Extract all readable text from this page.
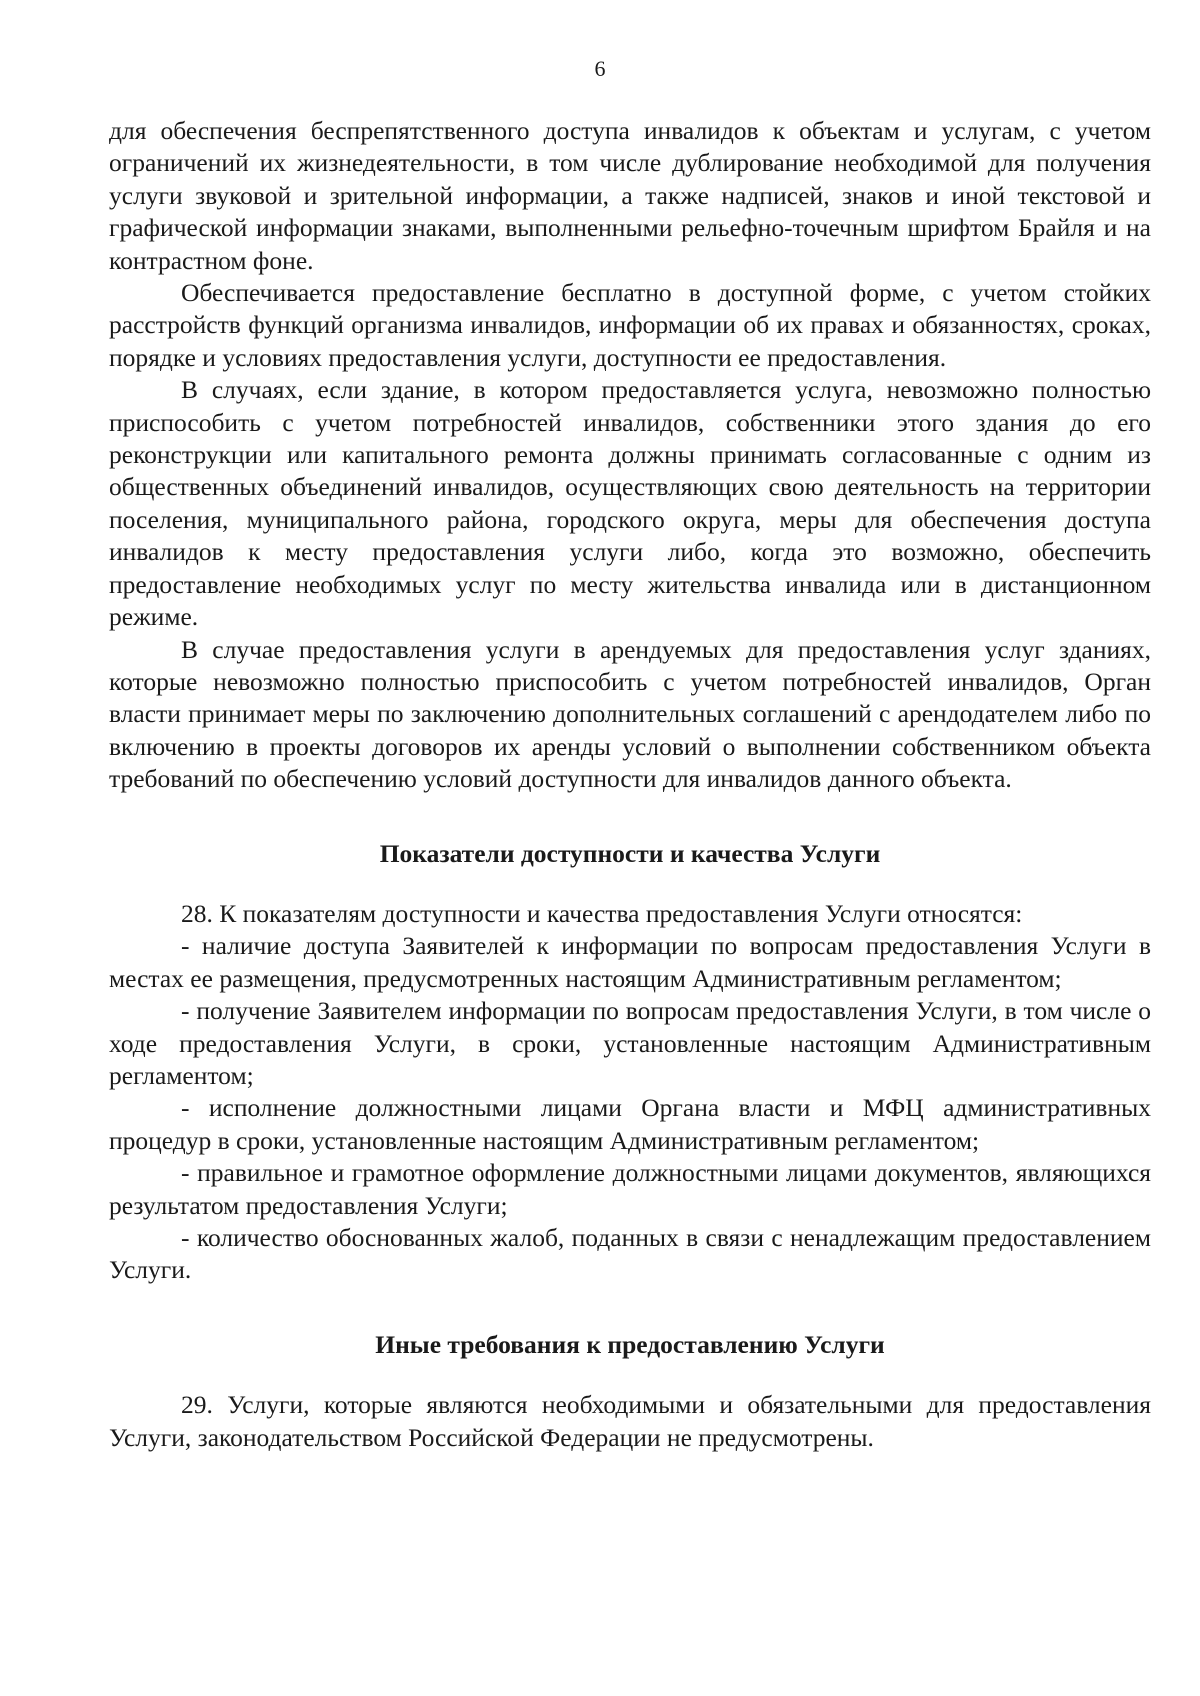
6

для обеспечения беспрепятственного доступа инвалидов к объектам и услугам, с учетом ограничений их жизнедеятельности, в том числе дублирование необходимой для получения услуги звуковой и зрительной информации, а также надписей, знаков и иной текстовой и графической информации знаками, выполненными рельефно-точечным шрифтом Брайля и на контрастном фоне.

Обеспечивается предоставление бесплатно в доступной форме, с учетом стойких расстройств функций организма инвалидов, информации об их правах и обязанностях, сроках, порядке и условиях предоставления услуги, доступности ее предоставления.

В случаях, если здание, в котором предоставляется услуга, невозможно полностью приспособить с учетом потребностей инвалидов, собственники этого здания до его реконструкции или капитального ремонта должны принимать согласованные с одним из общественных объединений инвалидов, осуществляющих свою деятельность на территории поселения, муниципального района, городского округа, меры для обеспечения доступа инвалидов к месту предоставления услуги либо, когда это возможно, обеспечить предоставление необходимых услуг по месту жительства инвалида или в дистанционном режиме.

В случае предоставления услуги в арендуемых для предоставления услуг зданиях, которые невозможно полностью приспособить с учетом потребностей инвалидов, Орган власти принимает меры по заключению дополнительных соглашений с арендодателем либо по включению в проекты договоров их аренды условий о выполнении собственником объекта требований по обеспечению условий доступности для инвалидов данного объекта.

Показатели доступности и качества Услуги

28. К показателям доступности и качества предоставления Услуги относятся:

- наличие доступа Заявителей к информации по вопросам предоставления Услуги в местах ее размещения, предусмотренных настоящим Административным регламентом;

- получение Заявителем информации по вопросам предоставления Услуги, в том числе о ходе предоставления Услуги, в сроки, установленные настоящим Административным регламентом;

- исполнение должностными лицами Органа власти и МФЦ административных процедур в сроки, установленные настоящим Административным регламентом;

- правильное и грамотное оформление должностными лицами документов, являющихся результатом предоставления Услуги;

- количество обоснованных жалоб, поданных в связи с ненадлежащим предоставлением Услуги.

Иные требования к предоставлению Услуги

29. Услуги, которые являются необходимыми и обязательными для предоставления Услуги, законодательством Российской Федерации не предусмотрены.
